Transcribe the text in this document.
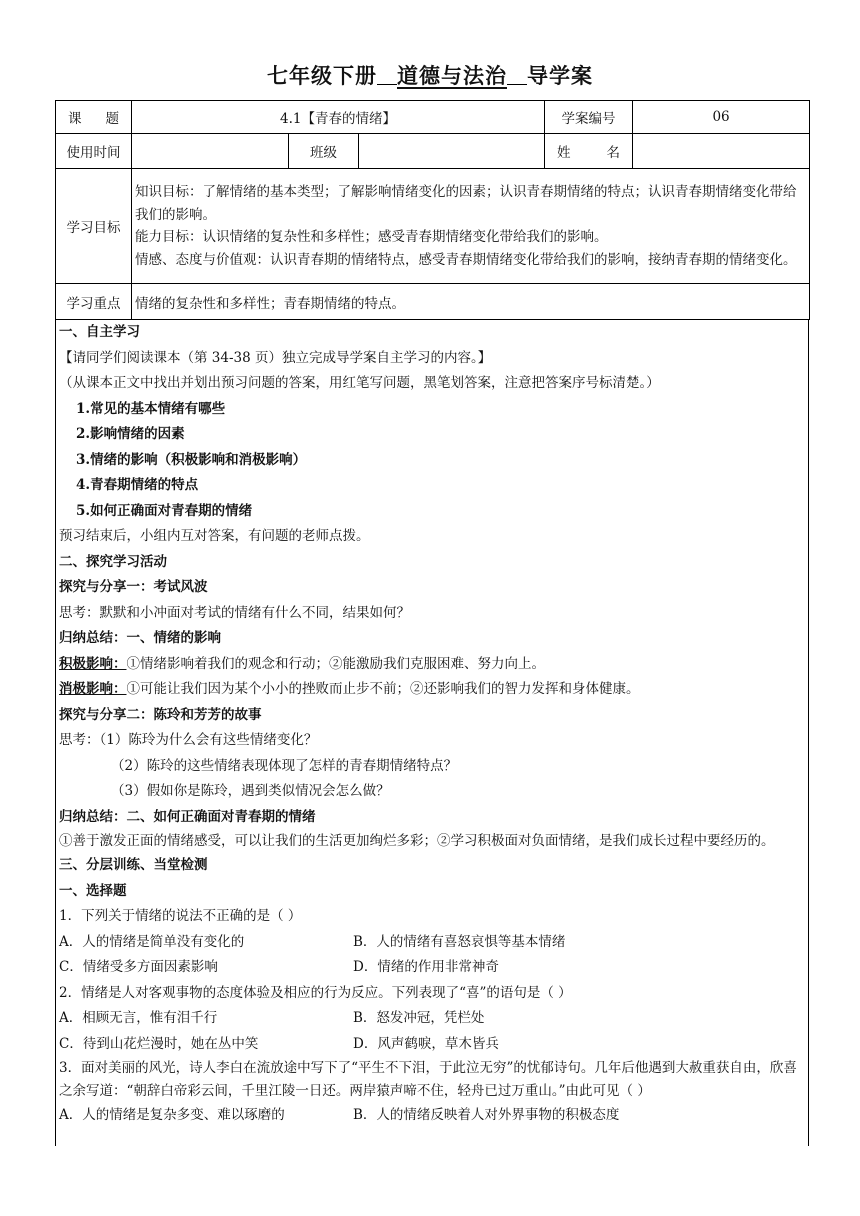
七年级下册 道德与法治 导学案
课 题	4.1【青春的情绪】			学案编号	06
使用时间		班级		姓 名	
学习目标	知识目标：了解情绪的基本类型；了解影响情绪变化的因素；认识青春期情绪的特点；认识青春期情绪变化带给我们的影响。

能力目标：认识情绪的复杂性和多样性；感受青春期情绪变化带给我们的影响。

情感、态度与价值观：认识青春期的情绪特点，感受青春期情绪变化带给我们的影响，接纳青春期的情绪变化。				

学习重点	情绪的复杂性和多样性；青春期情绪的特点。				
一、自主学习
【请同学们阅读课本（第 34-38 页）独立完成导学案自主学习的内容。】
（从课本正文中找出并划出预习问题的答案，用红笔写问题，黑笔划答案，注意把答案序号标清楚。）
1.常见的基本情绪有哪些
2.影响情绪的因素
3.情绪的影响（积极影响和消极影响）
4.青春期情绪的特点
5.如何正确面对青春期的情绪
预习结束后，小组内互对答案，有问题的老师点拨。
二、探究学习活动
探究与分享一：考试风波
思考：默默和小冲面对考试的情绪有什么不同，结果如何？
归纳总结：一、情绪的影响
积极影响：①情绪影响着我们的观念和行动；②能激励我们克服困难、努力向上。
消极影响：①可能让我们因为某个小小的挫败而止步不前；②还影响我们的智力发挥和身体健康。
探究与分享二：陈玲和芳芳的故事
思考：（1）陈玲为什么会有这些情绪变化？
（2）陈玲的这些情绪表现体现了怎样的青春期情绪特点？
（3）假如你是陈玲，遇到类似情况会怎么做？
归纳总结：二、如何正确面对青春期的情绪
①善于激发正面的情绪感受，可以让我们的生活更加绚烂多彩；②学习积极面对负面情绪，是我们成长过程中要经历的。
三、分层训练、当堂检测
一、选择题
1．下列关于情绪的说法不正确的是（ ）
A．人的情绪是简单没有变化的	B．人的情绪有喜怒哀惧等基本情绪
C．情绪受多方面因素影响	D．情绪的作用非常神奇
2．情绪是人对客观事物的态度体验及相应的行为反应。下列表现了“喜”的语句是（ ）
A．相顾无言，惟有泪千行	B．怒发冲冠，凭栏处
C．待到山花烂漫时，她在丛中笑	D．风声鹤唳，草木皆兵
3．面对美丽的风光，诗人李白在流放途中写下了“平生不下泪，于此泣无穷”的忧郁诗句。几年后他遇到大赦重获自由，欣喜之余写道：“朝辞白帝彩云间，千里江陵一日还。两岸猿声啼不住，轻舟已过万重山。”由此可见（ ）
A．人的情绪是复杂多变、难以琢磨的	B．人的情绪反映着人对外界事物的积极态度
